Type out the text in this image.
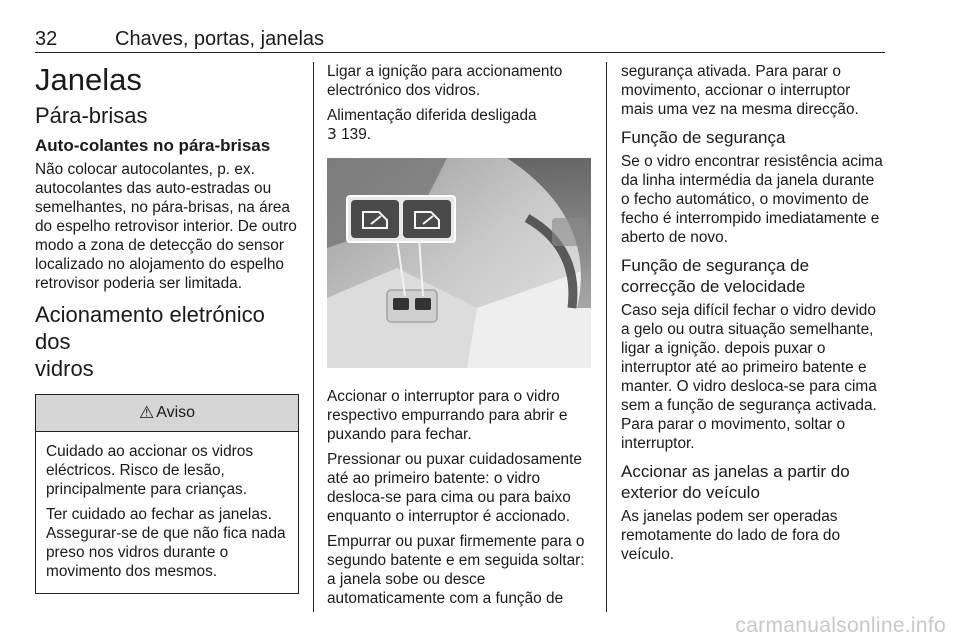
32	Chaves, portas, janelas
Janelas
Pára-brisas
Auto-colantes no pára-brisas
Não colocar autocolantes, p. ex. autocolantes das auto-estradas ou semelhantes, no pára-brisas, na área do espelho retrovisor interior. De outro modo a zona de detecção do sensor localizado no alojamento do espelho retrovisor poderia ser limitada.
Acionamento eletrónico dos
vidros
⚠ Aviso
Cuidado ao accionar os vidros eléctricos. Risco de lesão, principalmente para crianças.
Ter cuidado ao fechar as janelas. Assegurar-se de que não fica nada preso nos vidros durante o movimento dos mesmos.
Ligar a ignição para accionamento electrónico dos vidros.
Alimentação diferida desligada
3 139.
Accionar o interruptor para o vidro respectivo empurrando para abrir e puxando para fechar.
Pressionar ou puxar cuidadosamente até ao primeiro batente: o vidro desloca-se para cima ou para baixo enquanto o interruptor é accionado.
Empurrar ou puxar firmemente para o segundo batente e em seguida soltar: a janela sobe ou desce automaticamente com a função de
segurança ativada. Para parar o movimento, accionar o interruptor mais uma vez na mesma direcção.
Função de segurança
Se o vidro encontrar resistência acima da linha intermédia da janela durante o fecho automático, o movimento de fecho é interrompido imediatamente e aberto de novo.
Função de segurança de
correcção de velocidade
Caso seja difícil fechar o vidro devido a gelo ou outra situação semelhante, ligar a ignição. depois puxar o interruptor até ao primeiro batente e manter. O vidro desloca-se para cima sem a função de segurança activada. Para parar o movimento, soltar o interruptor.
Accionar as janelas a partir do
exterior do veículo
As janelas podem ser operadas remotamente do lado de fora do veículo.
carmanualsonline.info
